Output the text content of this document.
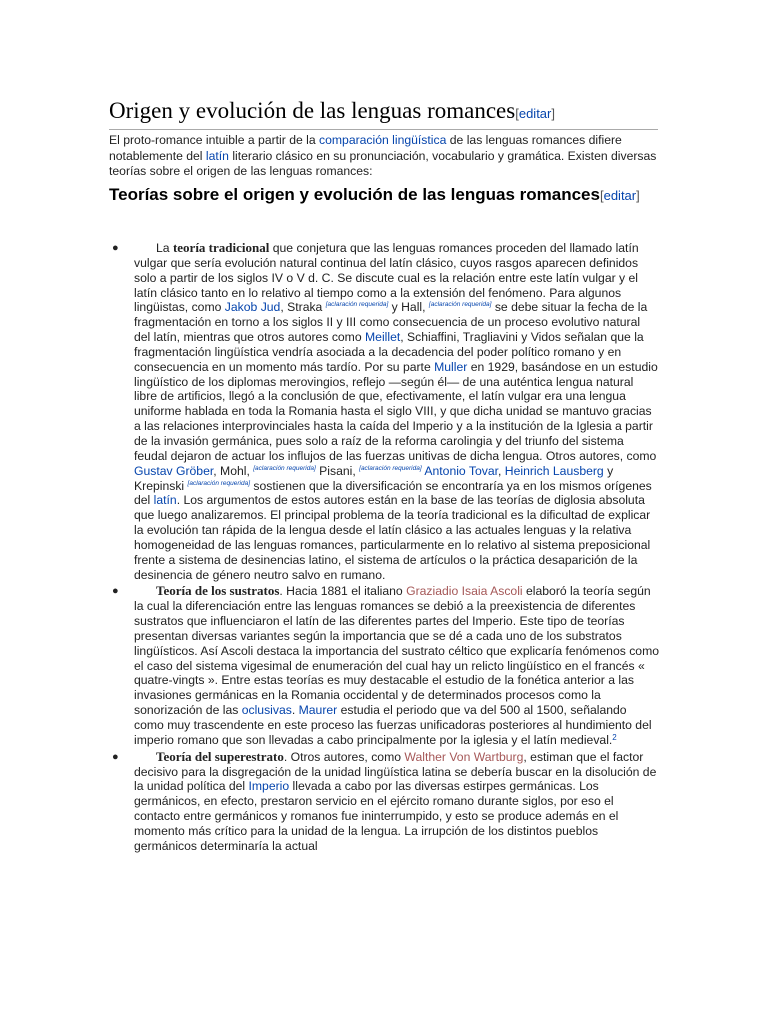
Origen y evolución de las lenguas romances[editar]

El proto-romance intuible a partir de la comparación lingüística de las lenguas romances difiere notablemente del latín literario clásico en su pronunciación, vocabulario y gramática. Existen diversas teorías sobre el origen de las lenguas romances:

Teorías sobre el origen y evolución de las lenguas romances[editar]
●	La teoría tradicional que conjetura que las lenguas romances proceden del llamado latín vulgar que sería evolución natural continua del latín clásico, cuyos rasgos aparecen definidos solo a partir de los siglos IV o V d. C. Se discute cual es la relación entre este latín vulgar y el latín clásico tanto en lo relativo al tiempo como a la extensión del fenómeno. Para algunos lingüistas, como Jakob Jud, Straka [aclaración requerida] y Hall, [aclaración requerida] se debe situar la fecha de la fragmentación en torno a los siglos II y III como consecuencia de un proceso evolutivo natural del latín, mientras que otros autores como Meillet, Schiaffini, Tragliavini y Vidos señalan que la fragmentación lingüística vendría asociada a la decadencia del poder político romano y en consecuencia en un momento más tardío. Por su parte Muller en 1929, basándose en un estudio lingüístico de los diplomas merovingios, reflejo —según él— de una auténtica lengua natural libre de artificios, llegó a la conclusión de que, efectivamente, el latín vulgar era una lengua uniforme hablada en toda la Romania hasta el siglo VIII, y que dicha unidad se mantuvo gracias a las relaciones interprovinciales hasta la caída del Imperio y a la institución de la Iglesia a partir de la invasión germánica, pues solo a raíz de la reforma carolingia y del triunfo del sistema feudal dejaron de actuar los influjos de las fuerzas unitivas de dicha lengua. Otros autores, como Gustav Gröber, Mohl, [aclaración requerida] Pisani, [aclaración requerida] Antonio Tovar, Heinrich Lausberg y Krepinski [aclaración requerida] sostienen que la diversificación se encontraría ya en los mismos orígenes del latín. Los argumentos de estos autores están en la base de las teorías de diglosia absoluta que luego analizaremos. El principal problema de la teoría tradicional es la dificultad de explicar la evolución tan rápida de la lengua desde el latín clásico a las actuales lenguas y la relativa homogeneidad de las lenguas romances, particularmente en lo relativo al sistema preposicional frente a sistema de desinencias latino, el sistema de artículos o la práctica desaparición de la desinencia de género neutro salvo en rumano.
●	Teoría de los sustratos. Hacia 1881 el italiano Graziadio Isaia Ascoli elaboró la teoría según la cual la diferenciación entre las lenguas romances se debió a la preexistencia de diferentes sustratos que influenciaron el latín de las diferentes partes del Imperio. Este tipo de teorías presentan diversas variantes según la importancia que se dé a cada uno de los substratos lingüísticos. Así Ascoli destaca la importancia del sustrato céltico que explicaría fenómenos como el caso del sistema vigesimal de enumeración del cual hay un relicto lingüístico en el francés « quatre-vingts ». Entre estas teorías es muy destacable el estudio de la fonética anterior a las invasiones germánicas en la Romania occidental y de determinados procesos como la sonorización de las oclusivas. Maurer estudia el periodo que va del 500 al 1500, señalando como muy trascendente en este proceso las fuerzas unificadoras posteriores al hundimiento del imperio romano que son llevadas a cabo principalmente por la iglesia y el latín medieval.$^2$
●	Teoría del superestrato. Otros autores, como Walther Von Wartburg, estiman que el factor decisivo para la disgregación de la unidad lingüística latina se debería buscar en la disolución de la unidad política del Imperio llevada a cabo por las diversas estirpes germánicas. Los germánicos, en efecto, prestaron servicio en el ejército romano durante siglos, por eso el contacto entre germánicos y romanos fue ininterrumpido, y esto se produce además en el momento más crítico para la unidad de la lengua. La irrupción de los distintos pueblos germánicos determinaría la actual
